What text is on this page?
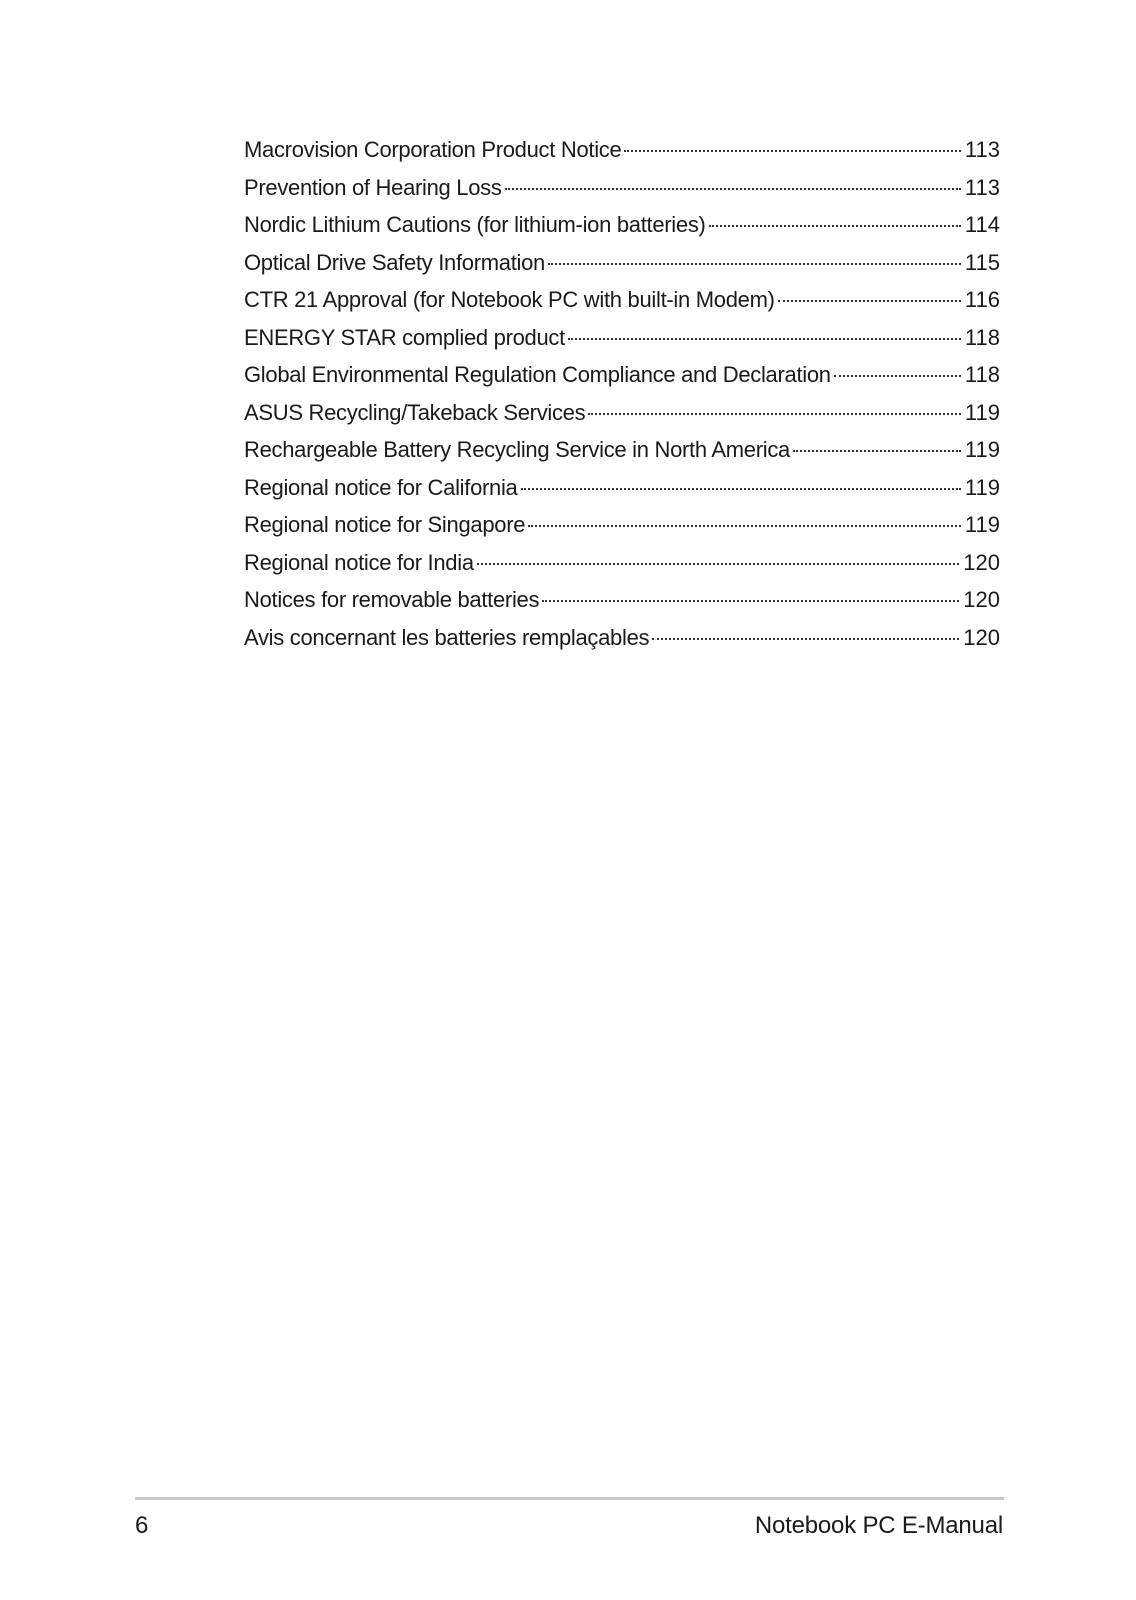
Macrovision Corporation Product Notice	113
Prevention of Hearing Loss	113
Nordic Lithium Cautions (for lithium-ion batteries)	114
Optical Drive Safety Information	115
CTR 21 Approval (for Notebook PC with built-in Modem)	116
ENERGY STAR complied product	118
Global Environmental Regulation Compliance and Declaration	118
ASUS Recycling/Takeback Services	119
Rechargeable Battery Recycling Service in North America	119
Regional notice for California	119
Regional notice for Singapore	119
Regional notice for India	120
Notices for removable batteries	120
Avis concernant les batteries remplaçables	120
6	Notebook PC E-Manual
